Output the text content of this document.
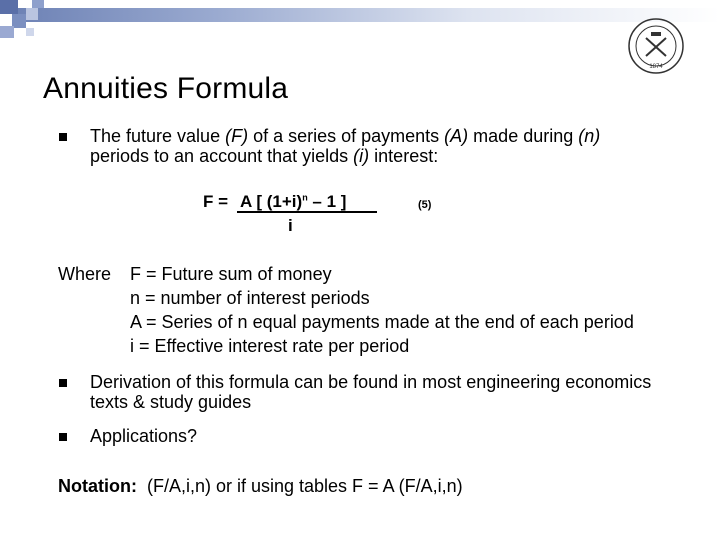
1874
Annuities Formula
The future value (F) of a series of payments (A) made during (n)
periods to an account that yields (i) interest:
F = A [ $(1+i)^n - 1$ ]
i
(5)
Where F = Future sum of money
n = number of interest periods
A = Series of n equal payments made at the end of each period
i = Effective interest rate per period
Derivation of this formula can be found in most engineering economics
texts & study guides
Applications?
Notation:  (F/A,i,n) or if using tables F = A (F/A,i,n)
